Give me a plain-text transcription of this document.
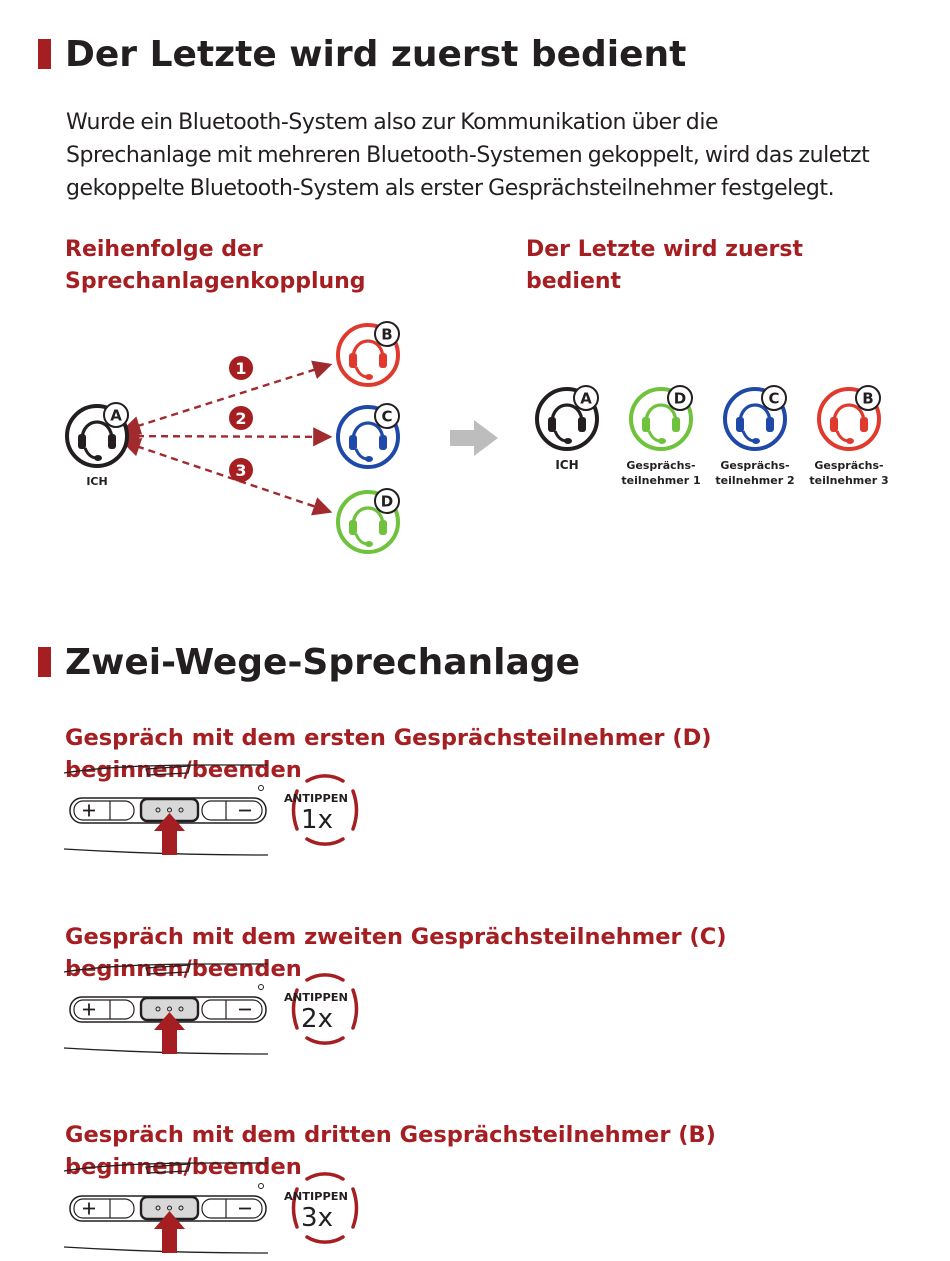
Der Letzte wird zuerst bedient

Wurde ein Bluetooth-System also zur Kommunikation über die
Sprechanlage mit mehreren Bluetooth-Systemen gekoppelt, wird das zuletzt
gekoppelte Bluetooth-System als erster Gesprächsteilnehmer festgelegt.

Reihenfolge der
Sprechanlagenkopplung

Der Letzte wird zuerst
bedient

1
2
3
A
ICH
B
C
D
A
ICH
D
Gesprächs-
teilnehmer 1
C
Gesprächs-
teilnehmer 2
B
Gesprächs-
teilnehmer 3
Zwei-Wege-Sprechanlage

Gespräch mit dem ersten Gesprächsteilnehmer (D) beginnen/beenden

ANTIPPEN
1x

Gespräch mit dem zweiten Gesprächsteilnehmer (C) beginnen/beenden

ANTIPPEN
2x

Gespräch mit dem dritten Gesprächsteilnehmer (B) beginnen/beenden

ANTIPPEN
3x
